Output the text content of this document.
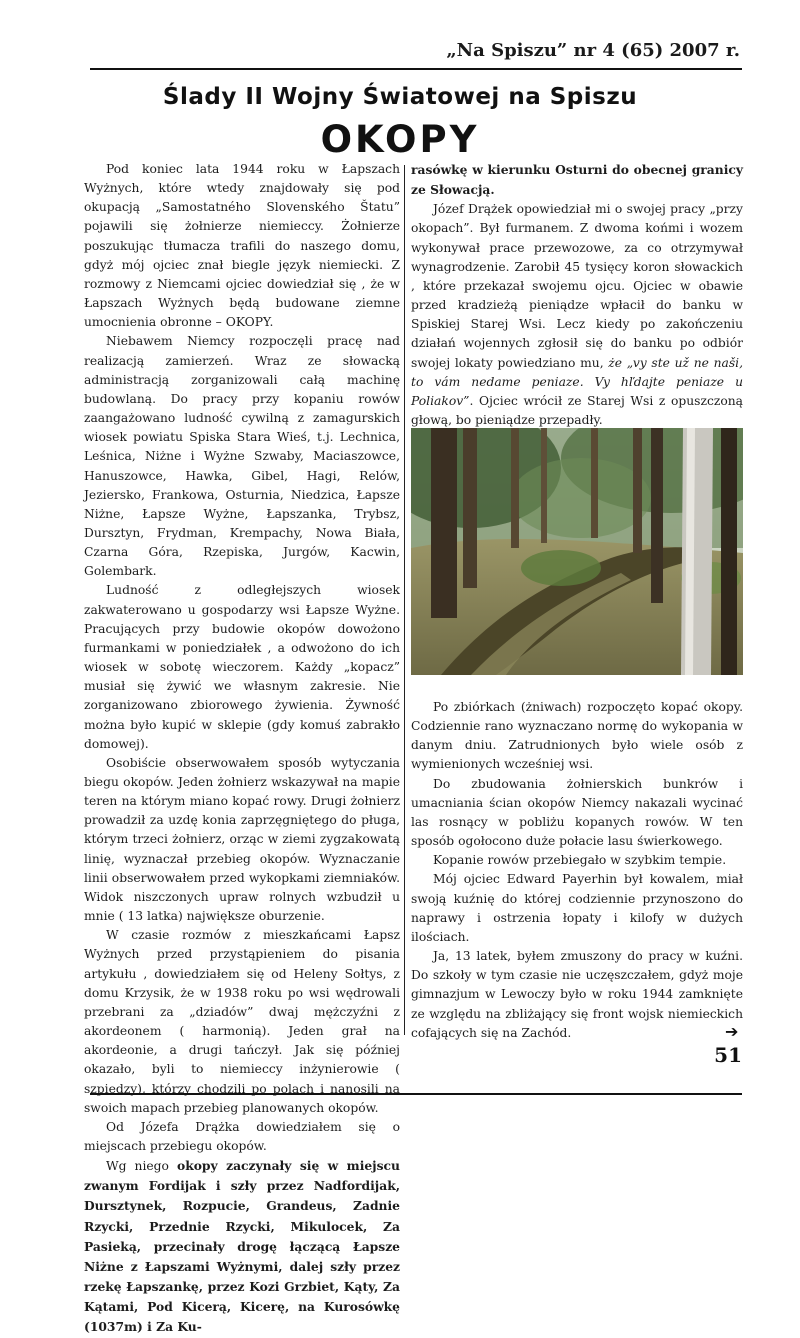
„Na Spiszu” nr 4 (65) 2007 r.
Ślady II Wojny Światowej na Spiszu
OKOPY

Pod koniec lata 1944 roku w Łapszach Wyżnych, które wtedy znajdowały się pod okupacją „Samostatného Slovenského Štatu” pojawili się żołnierze niemieccy. Żołnierze poszukując tłumacza trafili do naszego domu, gdyż mój ojciec znał biegle język niemiecki. Z rozmowy z Niemcami ojciec dowiedział się , że w Łapszach Wyżnych będą budowane ziemne umocnienia obronne – OKOPY.

Niebawem Niemcy rozpoczęli pracę nad realizacją zamierzeń. Wraz ze słowacką administracją zorganizowali całą machinę budowlaną. Do pracy przy kopaniu rowów zaangażowano ludność cywilną z zamagurskich wiosek powiatu Spiska Stara Wieś, t.j. Lechnica, Leśnica, Niżne i Wyżne Szwaby, Maciaszowce, Hanuszowce, Hawka, Gibel, Hagi, Relów, Jezierskо, Frankowa, Osturnia, Niedzica, Łapsze Niżne, Łapsze Wyżne, Łapszanka, Trybsz, Dursztyn, Frydman, Krempachy, Nowa Biała, Czarna Góra, Rzepiska, Jurgów, Kacwin, Golembark.

Ludność z odległejszych wiosek zakwaterowano u gospodarzy wsi Łapsze Wyżne. Pracujących przy budowie okopów dowożono furmankami w poniedziałek , a odwożono do ich wiosek w sobotę wieczorem. Każdy „kopacz” musiał się żywić we własnym zakresie. Nie zorganizowano zbiorowego żywienia. Żywność można było kupić w sklepie (gdy komuś zabrakło domowej).

Osobiście obserwowałem sposób wytyczania biegu okopów. Jeden żołnierz wskazywał na mapie teren na którym miano kopać rowy. Drugi żołnierz prowadził za uzdę konia zaprzęgniętego do pługa, którym trzeci żołnierz, orząc w ziemi zygzakowatą linię, wyznaczał przebieg okopów. Wyznaczanie linii obserwowałem przed wykopkami ziemniaków. Widok niszczonych upraw rolnych wzbudził u mnie ( 13 latka) największe oburzenie.

W czasie rozmów z mieszkańcami Łapsz Wyżnych przed przystąpieniem do pisania artykułu , dowiedziałem się od Heleny Sołtys, z domu Krzysik, że w 1938 roku po wsi wędrowali przebrani za „dziadów” dwaj mężczyźni z akordeonem ( harmonią). Jeden grał na akordeonie, a drugi tańczył. Jak się później okazało, byli to niemieccy inżynierowie ( szpiedzy), którzy chodzili po polach i nanosili na swoich mapach przebieg planowanych okopów.

Od Józefa Drążka dowiedziałem się o miejscach przebiegu okopów.

Wg niego okopy zaczynały się w miejscu zwanym Fordijak i szły przez Nadfordijak, Dursztynek, Rozpucie, Grandeus, Zadnie Rzycki, Przednie Rzycki, Mikulocek, Za Pasieką, przecinały drogę łączącą Łapsze Niżne z Łapszami Wyżnymi, dalej szły przez rzekę Łapszankę, przez Kozi Grzbiet, Kąty, Za Kątami, Pod Kicerą, Kicerę, na Kurosówkę (1037m) i Za Ku-

rasówkę w kierunku Osturni do obecnej granicy ze Słowacją.

Józef Drążek opowiedział mi o swojej pracy „przy okopach”. Był furmanem. Z dwoma końmi i wozem wykonywał prace przewozowe, za co otrzymywał wynagrodzenie. Zarobił 45 tysięcy koron słowackich , które przekazał swojemu ojcu. Ojciec w obawie przed kradzieżą pieniądze wpłacił do banku w Spiskiej Starej Wsi. Lecz kiedy po zakończeniu działań wojennych zgłosił się do banku po odbiór swojej lokaty powiedziano mu, że „vy ste už ne naši, to vám nedame peniaze. Vy hľdajte peniaze u Poliakov”. Ojciec wrócił ze Starej Wsi z opuszczoną głową, bo pieniądze przepadły.

Po zbiórkach (żniwach) rozpoczęto kopać okopy. Codziennie rano wyznaczano normę do wykopania w danym dniu. Zatrudnionych było wiele osób z wymienionych wcześniej wsi.

Do zbudowania żołnierskich bunkrów i umacniania ścian okopów Niemcy nakazali wycinać las rosnący w pobliżu kopanych rowów. W ten sposób ogołocono duże połacie lasu świerkowego.

Kopanie rowów przebiegało w szybkim tempie.

Mój ojciec Edward Payerhin był kowalem, miał swoją kuźnię do której codziennie przynoszono do naprawy i ostrzenia łopaty i kilofy w dużych ilościach.

Ja, 13 latek, byłem zmuszony do pracy w kuźni. Do szkoły w tym czasie nie uczęszczałem, gdyż moje gimnazjum w Lewoczy było w roku 1944 zamknięte ze względu na zbliżający się front wojsk niemieckich cofających się na Zachód.	➔
51
